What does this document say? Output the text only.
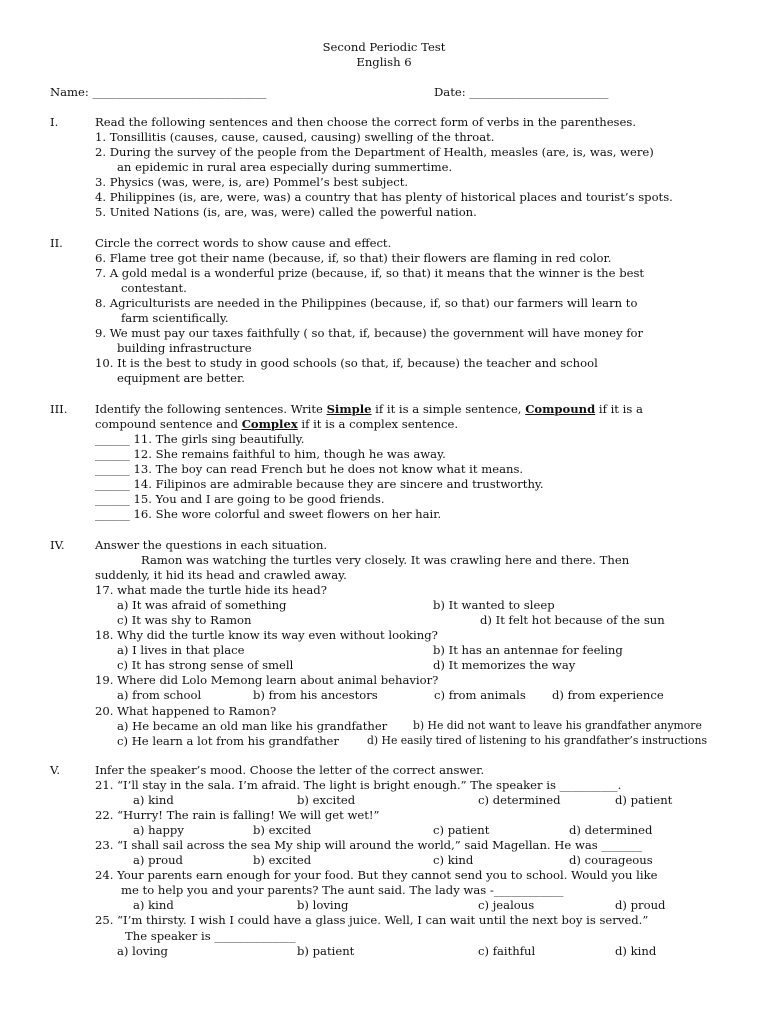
Second Periodic Test
English 6
Name: ______________________________	Date: ________________________
I.	Read the following sentences and then choose the correct form of verbs in the parentheses.
1. Tonsillitis (causes, cause, caused, causing) swelling of the throat.
2. During the survey of the people from the Department of Health, measles (are, is, was, were)
an epidemic in rural area especially during summertime.
3. Physics (was, were, is, are) Pommel’s best subject.
4. Philippines (is, are, were, was) a country that has plenty of historical places and tourist’s spots.
5. United Nations (is, are, was, were) called the powerful nation.
II.	Circle the correct words to show cause and effect.
6. Flame tree got their name (because, if, so that) their flowers are flaming in red color.
7. A gold medal is a wonderful prize (because, if, so that) it means that the winner is the best
contestant.
8. Agriculturists are needed in the Philippines (because, if, so that) our farmers will learn to
farm scientifically.
9. We must pay our taxes faithfully ( so that, if, because) the government will have money for
building infrastructure
10. It is the best to study in good schools (so that, if, because) the teacher and school
equipment are better.
III. Identify the following sentences. Write Simple if it is a simple sentence, Compound if it is a
compound sentence and Complex if it is a complex sentence.
______ 11. The girls sing beautifully.
______ 12. She remains faithful to him, though he was away.
______ 13. The boy can read French but he does not know what it means.
______ 14. Filipinos are admirable because they are sincere and trustworthy.
______ 15. You and I are going to be good friends.
______ 16. She wore colorful and sweet flowers on her hair.
IV.	Answer the questions in each situation.
Ramon was watching the turtles very closely. It was crawling here and there. Then
suddenly, it hid its head and crawled away.
17. what made the turtle hide its head?
a) It was afraid of something	b) It wanted to sleep
c) It was shy to Ramon	d) It felt hot because of the sun
18. Why did the turtle know its way even without looking?
a) I lives in that place	b) It has an antennae for feeling
c) It has strong sense of smell	d) It memorizes the way
19. Where did Lolo Memong learn about animal behavior?
a) from school	b) from his ancestors	c) from animals d) from experience
20. What happened to Ramon?
a) He became an old man like his grandfather b) He did not want to leave his grandfather anymore
c) He learn a lot from his grandfather	d) He easily tired of listening to his grandfather’s instructions
V.	Infer the speaker’s mood. Choose the letter of the correct answer.
21. “I’ll stay in the sala. I’m afraid. The light is bright enough.” The speaker is __________.
a) kind	b) excited	c) determined	d) patient
22. “Hurry! The rain is falling! We will get wet!”
a) happy	b) excited	c) patient	d) determined
23. “I shall sail across the sea My ship will around the world,” said Magellan. He was _______
a) proud	b) excited	c) kind	d) courageous
24. Your parents earn enough for your food. But they cannot send you to school. Would you like
me to help you and your parents? The aunt said. The lady was -____________
a) kind	b) loving	c) jealous	d) proud
25. “I’m thirsty. I wish I could have a glass juice. Well, I can wait until the next boy is served.”
The speaker is ______________
a) loving	b) patient	c) faithful	d) kind
